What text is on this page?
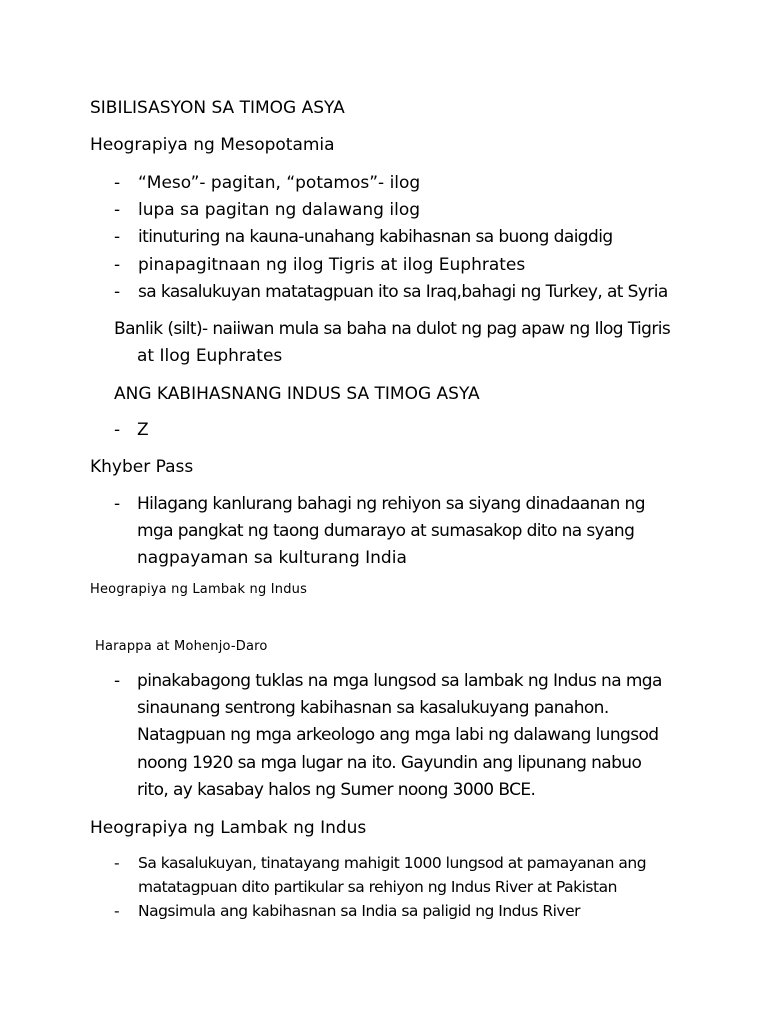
SIBILISASYON SA TIMOG ASYA
Heograpiya ng Mesopotamia
- “Meso”- pagitan, “potamos”- ilog
- lupa sa pagitan ng dalawang ilog
- itinuturing na kauna-unahang kabihasnan sa buong daigdig
- pinapagitnaan ng ilog Tigris at ilog Euphrates
- sa kasalukuyan matatagpuan ito sa Iraq,bahagi ng Turkey, at Syria
Banlik (silt)- naiiwan mula sa baha na dulot ng pag apaw ng Ilog Tigris
at Ilog Euphrates
ANG KABIHASNANG INDUS SA TIMOG ASYA
- Z
Khyber Pass
- Hilagang kanlurang bahagi ng rehiyon sa siyang dinadaanan ng
mga pangkat ng taong dumarayo at sumasakop dito na syang
nagpayaman sa kulturang India
Heograpiya ng Lambak ng Indus
Harappa at Mohenjo-Daro
- pinakabagong tuklas na mga lungsod sa lambak ng Indus na mga
sinaunang sentrong kabihasnan sa kasalukuyang panahon.
Natagpuan ng mga arkeologo ang mga labi ng dalawang lungsod
noong 1920 sa mga lugar na ito. Gayundin ang lipunang nabuo
rito, ay kasabay halos ng Sumer noong 3000 BCE.
Heograpiya ng Lambak ng Indus
- Sa kasalukuyan, tinatayang mahigit 1000 lungsod at pamayanan ang
matatagpuan dito partikular sa rehiyon ng Indus River at Pakistan
- Nagsimula ang kabihasnan sa India sa paligid ng Indus River
